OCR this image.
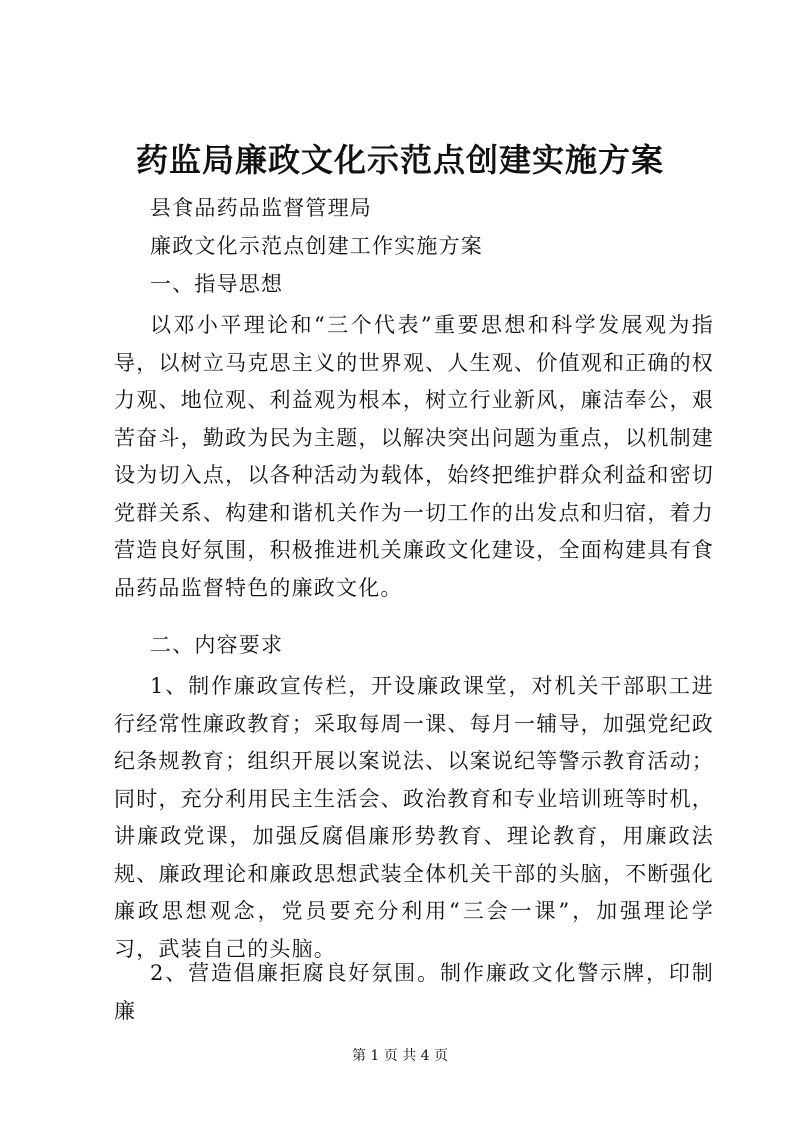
药监局廉政文化示范点创建实施方案

县食品药品监督管理局

廉政文化示范点创建工作实施方案

一、指导思想

以邓小平理论和“三个代表”重要思想和科学发展观为指导，以树立马克思主义的世界观、人生观、价值观和正确的权力观、地位观、利益观为根本，树立行业新风，廉洁奉公，艰苦奋斗，勤政为民为主题，以解决突出问题为重点，以机制建设为切入点，以各种活动为载体，始终把维护群众利益和密切党群关系、构建和谐机关作为一切工作的出发点和归宿，着力营造良好氛围，积极推进机关廉政文化建设，全面构建具有食品药品监督特色的廉政文化。

二、内容要求

1、制作廉政宣传栏，开设廉政课堂，对机关干部职工进行经常性廉政教育；采取每周一课、每月一辅导，加强党纪政纪条规教育；组织开展以案说法、以案说纪等警示教育活动；同时，充分利用民主生活会、政治教育和专业培训班等时机，讲廉政党课，加强反腐倡廉形势教育、理论教育，用廉政法规、廉政理论和廉政思想武装全体机关干部的头脑，不断强化廉政思想观念，党员要充分利用“三会一课”，加强理论学习，武装自己的头脑。

2、营造倡廉拒腐良好氛围。制作廉政文化警示牌，印制廉

第 1 页 共 4 页
